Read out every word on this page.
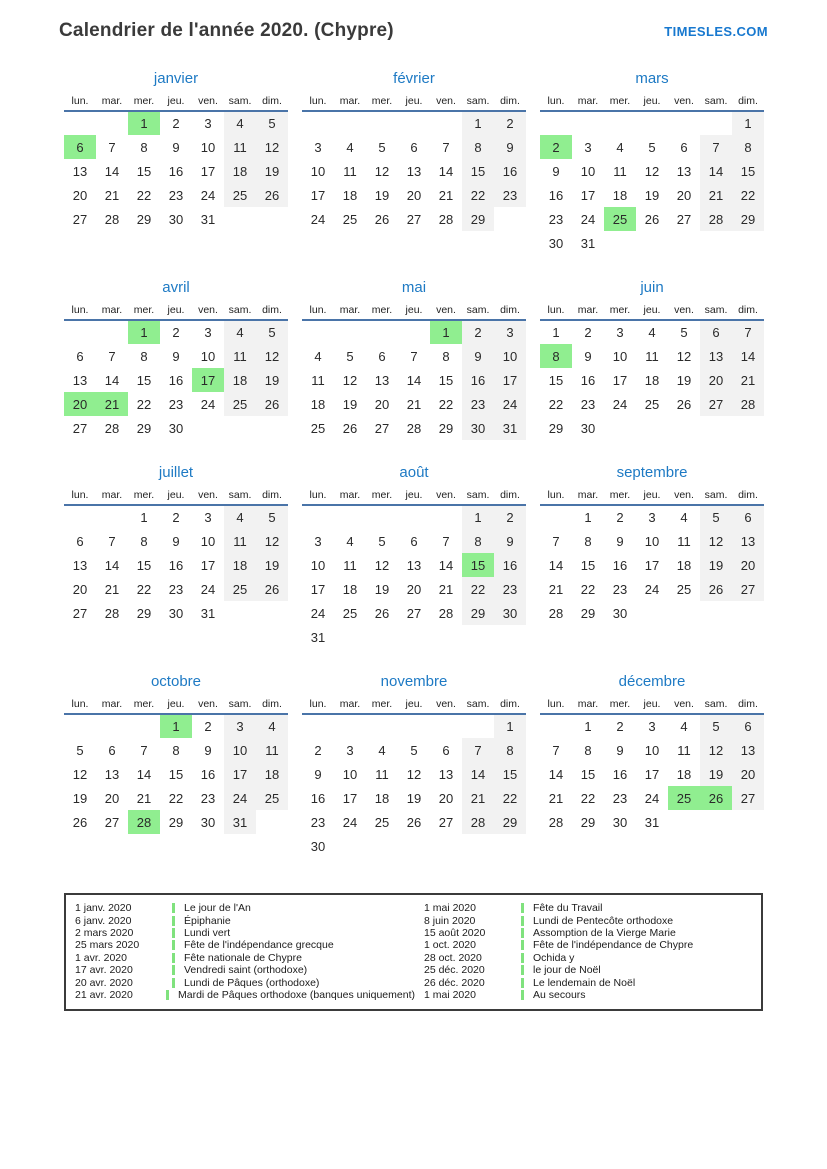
Calendrier de l'année 2020. (Chypre)	TIMESLES.COM
janvier
lun.	mar.	mer.	jeu.	ven.	sam.	dim.
		1	2	3	4	5
6	7	8	9	10	11	12
13	14	15	16	17	18	19
20	21	22	23	24	25	26
27	28	29	30	31		
février
lun.	mar.	mer.	jeu.	ven.	sam.	dim.
					1	2
3	4	5	6	7	8	9
10	11	12	13	14	15	16
17	18	19	20	21	22	23
24	25	26	27	28	29	
mars
lun.	mar.	mer.	jeu.	ven.	sam.	dim.
						1
2	3	4	5	6	7	8
9	10	11	12	13	14	15
16	17	18	19	20	21	22
23	24	25	26	27	28	29
30	31					
avril
lun.	mar.	mer.	jeu.	ven.	sam.	dim.
		1	2	3	4	5
6	7	8	9	10	11	12
13	14	15	16	17	18	19
20	21	22	23	24	25	26
27	28	29	30			
mai
lun.	mar.	mer.	jeu.	ven.	sam.	dim.
				1	2	3
4	5	6	7	8	9	10
11	12	13	14	15	16	17
18	19	20	21	22	23	24
25	26	27	28	29	30	31
juin
lun.	mar.	mer.	jeu.	ven.	sam.	dim.
1	2	3	4	5	6	7
8	9	10	11	12	13	14
15	16	17	18	19	20	21
22	23	24	25	26	27	28
29	30					
juillet
lun.	mar.	mer.	jeu.	ven.	sam.	dim.
		1	2	3	4	5
6	7	8	9	10	11	12
13	14	15	16	17	18	19
20	21	22	23	24	25	26
27	28	29	30	31		
août
lun.	mar.	mer.	jeu.	ven.	sam.	dim.
					1	2
3	4	5	6	7	8	9
10	11	12	13	14	15	16
17	18	19	20	21	22	23
24	25	26	27	28	29	30
31						
septembre
lun.	mar.	mer.	jeu.	ven.	sam.	dim.
	1	2	3	4	5	6
7	8	9	10	11	12	13
14	15	16	17	18	19	20
21	22	23	24	25	26	27
28	29	30				
octobre
lun.	mar.	mer.	jeu.	ven.	sam.	dim.
			1	2	3	4
5	6	7	8	9	10	11
12	13	14	15	16	17	18
19	20	21	22	23	24	25
26	27	28	29	30	31	
novembre
lun.	mar.	mer.	jeu.	ven.	sam.	dim.
						1
2	3	4	5	6	7	8
9	10	11	12	13	14	15
16	17	18	19	20	21	22
23	24	25	26	27	28	29
30						
décembre
lun.	mar.	mer.	jeu.	ven.	sam.	dim.
	1	2	3	4	5	6
7	8	9	10	11	12	13
14	15	16	17	18	19	20
21	22	23	24	25	26	27
28	29	30	31			
1 janv. 2020	Le jour de l'An
6 janv. 2020	Épiphanie
2 mars 2020	Lundi vert
25 mars 2020	Fête de l'indépendance grecque
1 avr. 2020	Fête nationale de Chypre
17 avr. 2020	Vendredi saint (orthodoxe)
20 avr. 2020	Lundi de Pâques (orthodoxe)
21 avr. 2020	Mardi de Pâques orthodoxe (banques uniquement)
1 mai 2020	Fête du Travail
8 juin 2020	Lundi de Pentecôte orthodoxe
15 août 2020	Assomption de la Vierge Marie
1 oct. 2020	Fête de l'indépendance de Chypre
28 oct. 2020	Ochida y
25 déc. 2020	le jour de Noël
26 déc. 2020	Le lendemain de Noël
1 mai 2020	Au secours
